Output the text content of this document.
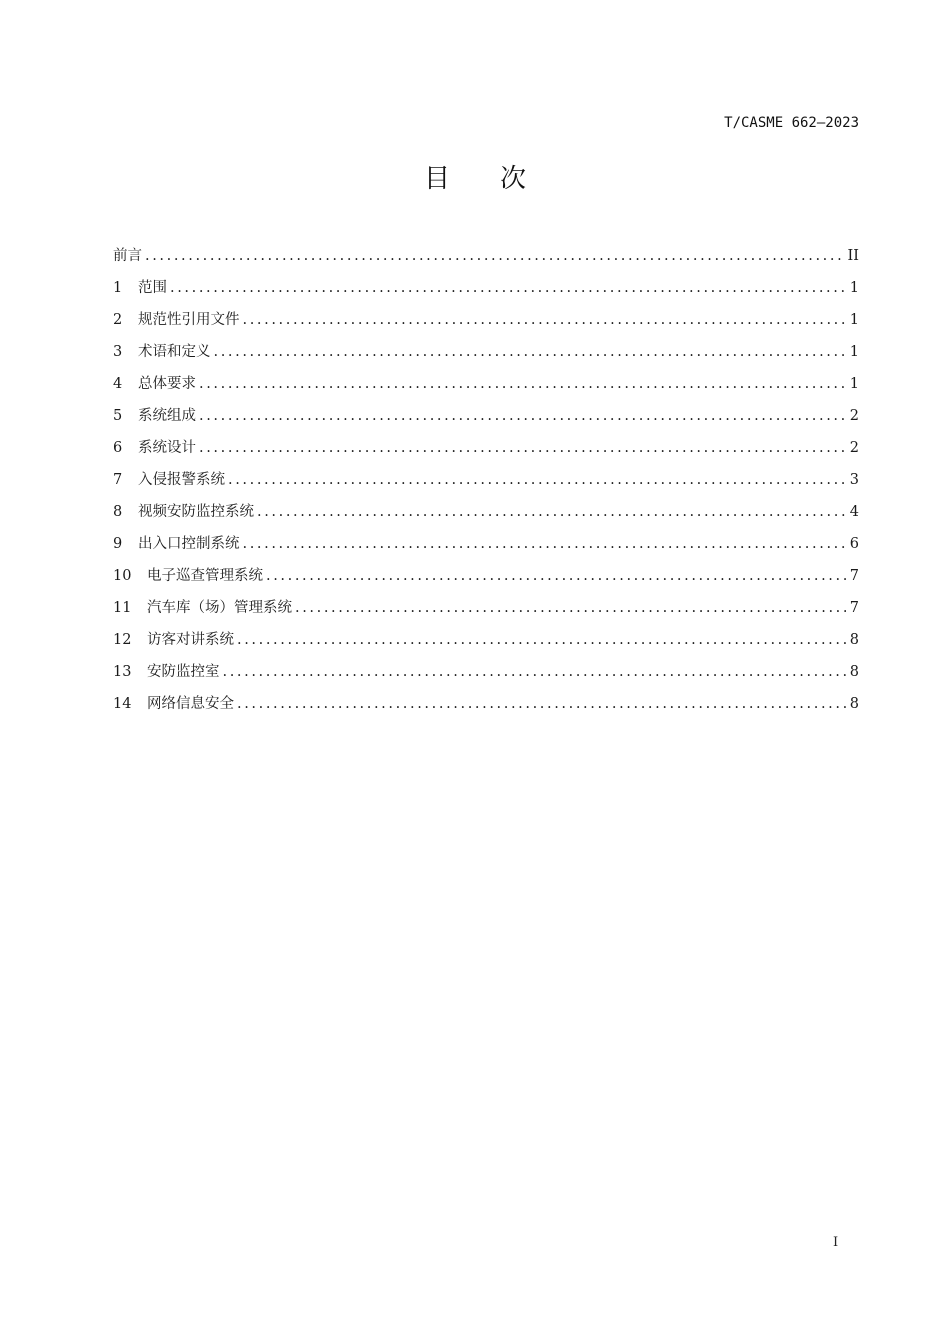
T/CASME 662—2023
目次
前言 .....	II
1	范围 .....	1
2	规范性引用文件 .....	1
3	术语和定义 .....	1
4	总体要求 .....	1
5	系统组成 .....	2
6	系统设计 .....	2
7	入侵报警系统 .....	3
8	视频安防监控系统 .....	4
9	出入口控制系统 .....	6
10	电子巡查管理系统 .....	7
11	汽车库（场）管理系统 .....	7
12	访客对讲系统 .....	8
13	安防监控室 .....	8
14	网络信息安全 .....	8
I
